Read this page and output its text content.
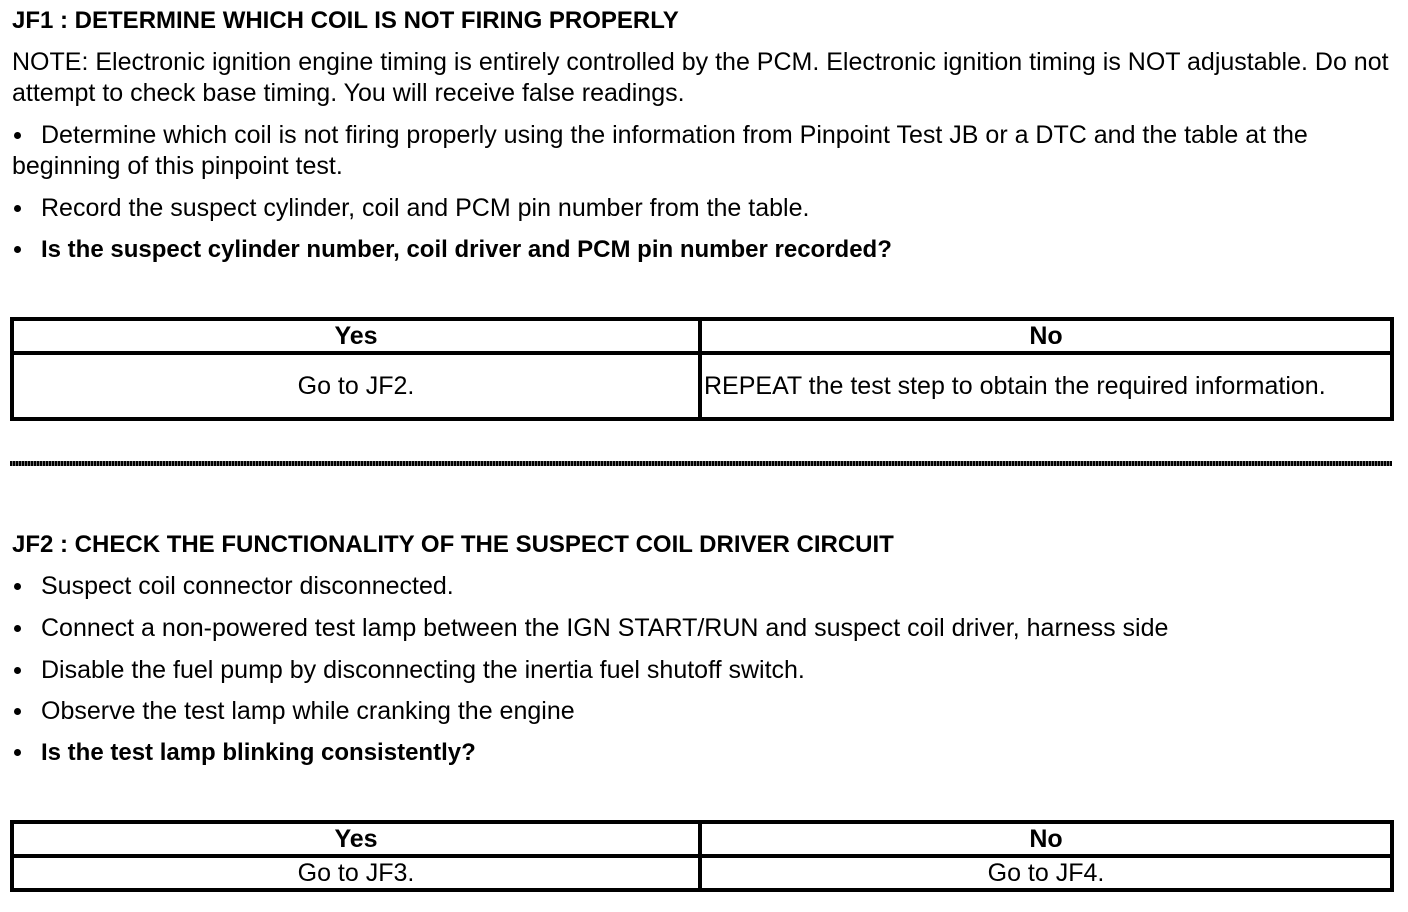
JF1 : DETERMINE WHICH COIL IS NOT FIRING PROPERLY
NOTE: Electronic ignition engine timing is entirely controlled by the PCM. Electronic ignition timing is NOT adjustable. Do not attempt to check base timing. You will receive false readings.
Determine which coil is not firing properly using the information from Pinpoint Test JB or a DTC and the table at the beginning of this pinpoint test.
Record the suspect cylinder, coil and PCM pin number from the table.
Is the suspect cylinder number, coil driver and PCM pin number recorded?
Yes	No
Go to JF2.	REPEAT the test step to obtain the required information.
JF2 : CHECK THE FUNCTIONALITY OF THE SUSPECT COIL DRIVER CIRCUIT
Suspect coil connector disconnected.
Connect a non-powered test lamp between the IGN START/RUN and suspect coil driver, harness side
Disable the fuel pump by disconnecting the inertia fuel shutoff switch.
Observe the test lamp while cranking the engine
Is the test lamp blinking consistently?
Yes	No
Go to JF3.	Go to JF4.
